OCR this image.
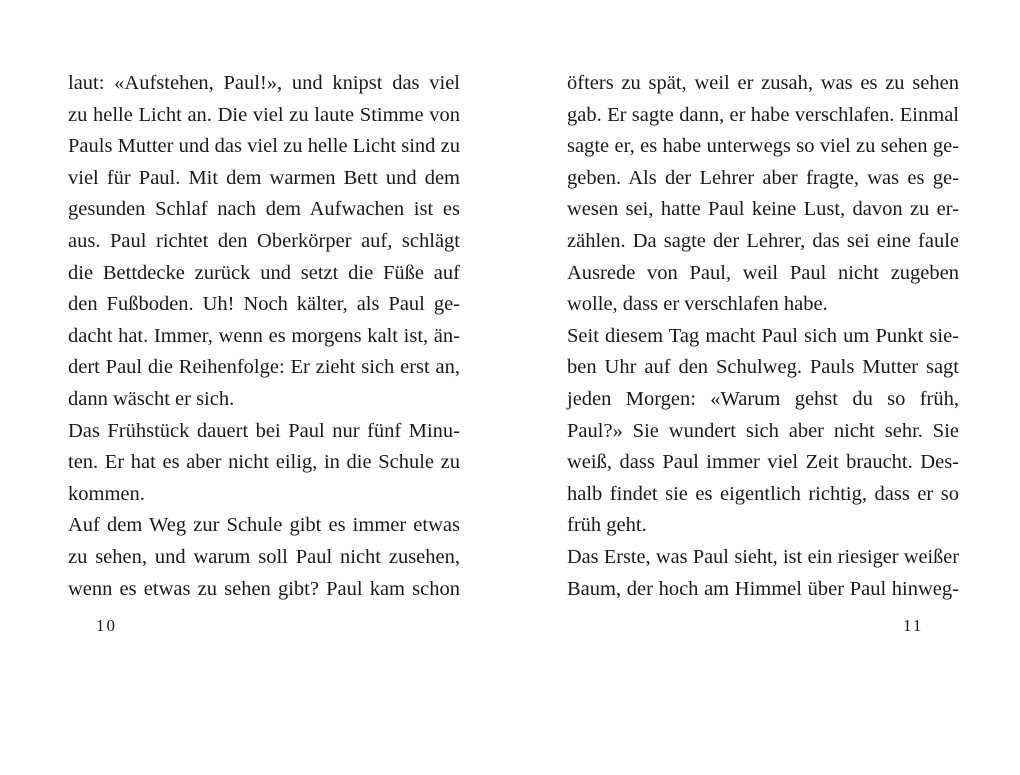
laut: «Aufstehen, Paul!», und knipst das viel
zu helle Licht an. Die viel zu laute Stimme von
Pauls Mutter und das viel zu helle Licht sind zu
viel für Paul. Mit dem warmen Bett und dem
gesunden Schlaf nach dem Aufwachen ist es
aus. Paul richtet den Oberkörper auf, schlägt
die Bettdecke zurück und setzt die Füße auf
den Fußboden. Uh! Noch kälter, als Paul ge-
dacht hat. Immer, wenn es morgens kalt ist, än-
dert Paul die Reihenfolge: Er zieht sich erst an,
dann wäscht er sich.
Das Frühstück dauert bei Paul nur fünf Minu-
ten. Er hat es aber nicht eilig, in die Schule zu
kommen.
Auf dem Weg zur Schule gibt es immer etwas
zu sehen, und warum soll Paul nicht zusehen,
wenn es etwas zu sehen gibt? Paul kam schon
öfters zu spät, weil er zusah, was es zu sehen
gab. Er sagte dann, er habe verschlafen. Einmal
sagte er, es habe unterwegs so viel zu sehen ge-
geben. Als der Lehrer aber fragte, was es ge-
wesen sei, hatte Paul keine Lust, davon zu er-
zählen. Da sagte der Lehrer, das sei eine faule
Ausrede von Paul, weil Paul nicht zugeben
wolle, dass er verschlafen habe.
Seit diesem Tag macht Paul sich um Punkt sie-
ben Uhr auf den Schulweg. Pauls Mutter sagt
jeden Morgen: «Warum gehst du so früh,
Paul?» Sie wundert sich aber nicht sehr. Sie
weiß, dass Paul immer viel Zeit braucht. Des-
halb findet sie es eigentlich richtig, dass er so
früh geht.
Das Erste, was Paul sieht, ist ein riesiger weißer
Baum, der hoch am Himmel über Paul hinweg-
10	11
